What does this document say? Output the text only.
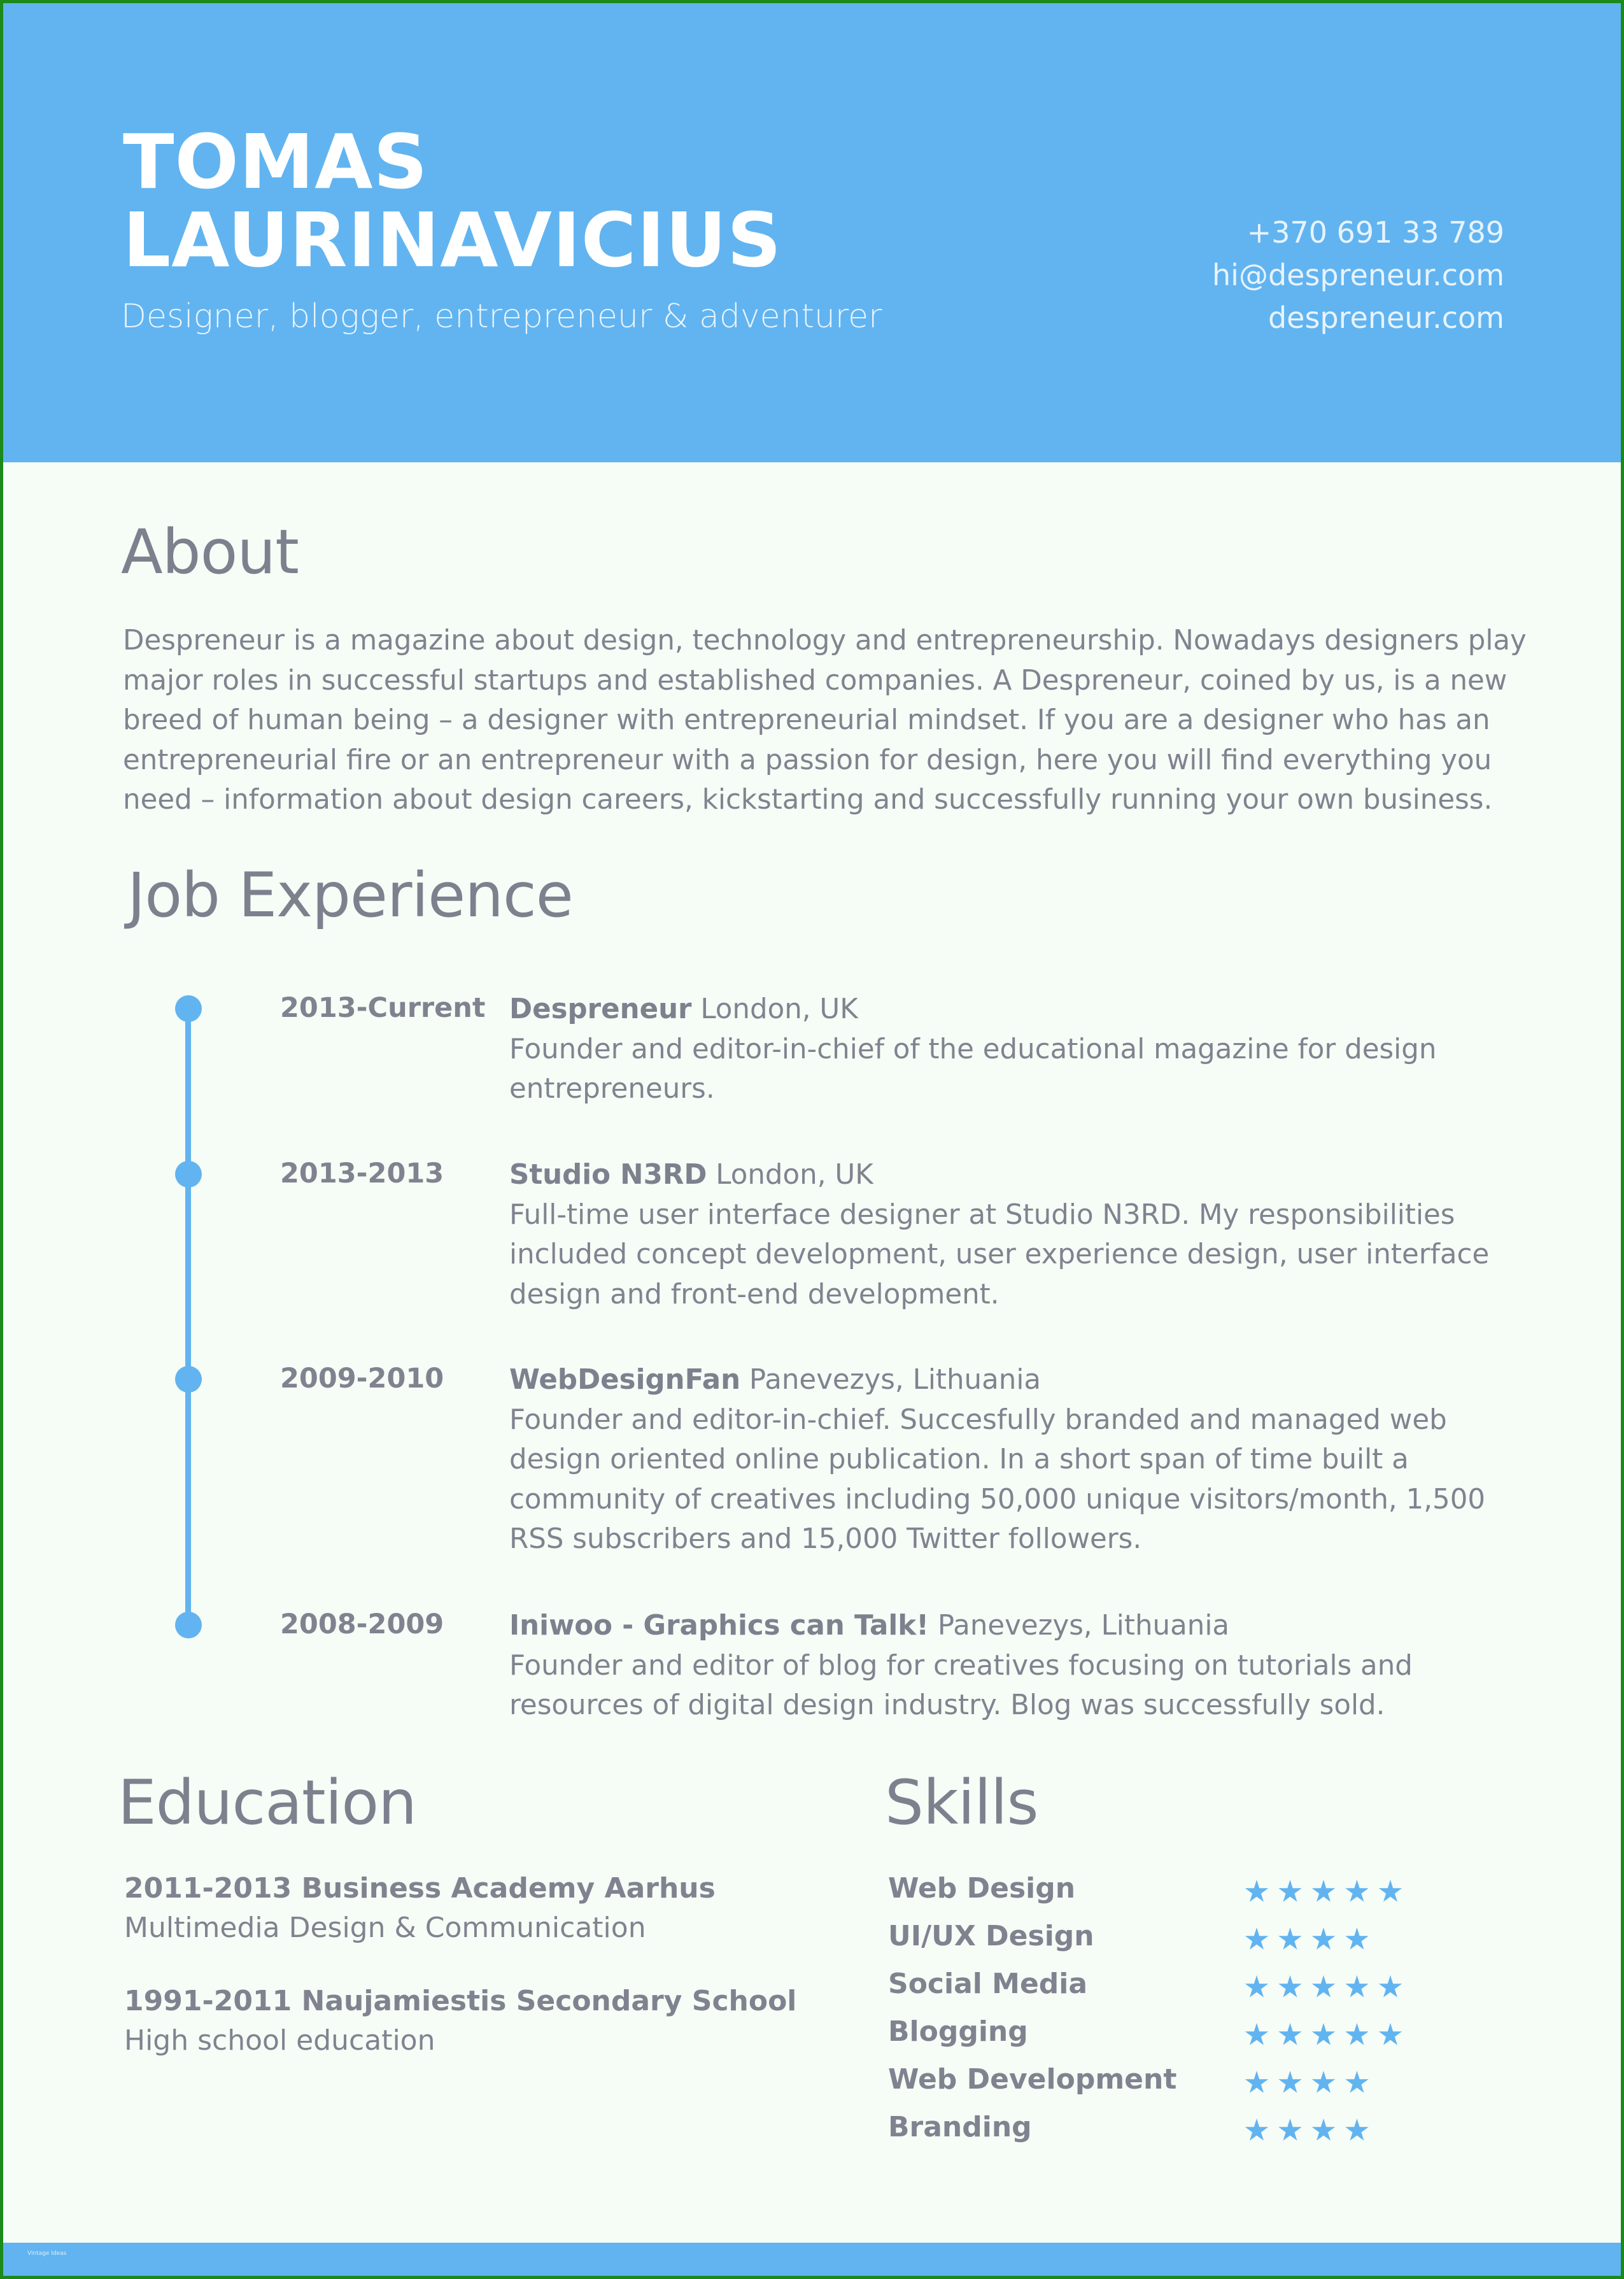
TOMAS
LAURINAVICIUS
Designer, blogger, entrepreneur & adventurer
+370 691 33 789
hi@despreneur.com
despreneur.com
About
Despreneur is a magazine about design, technology and entrepreneurship. Nowadays designers play major roles in successful startups and established companies. A Despreneur, coined by us, is a new breed of human being – a designer with entrepreneurial mindset. If you are a designer who has an entrepreneurial fire or an entrepreneur with a passion for design, here you will find everything you need – information about design careers, kickstarting and successfully running your own business.
Job Experience
2013-Current Despreneur London, UK
Founder and editor-in-chief of the educational magazine for design entrepreneurs.
2013-2013 Studio N3RD London, UK
Full-time user interface designer at Studio N3RD. My responsibilities included concept development, user experience design, user interface design and front-end development.
2009-2010 WebDesignFan Panevezys, Lithuania
Founder and editor-in-chief. Succesfully branded and managed web design oriented online publication. In a short span of time built a community of creatives including 50,000 unique visitors/month, 1,500 RSS subscribers and 15,000 Twitter followers.
2008-2009 Iniwoo - Graphics can Talk! Panevezys, Lithuania
Founder and editor of blog for creatives focusing on tutorials and resources of digital design industry. Blog was successfully sold.
Education
2011-2013 Business Academy Aarhus
Multimedia Design & Communication
1991-2011 Naujamiestis Secondary School
High school education
Skills
Web Design
UI/UX Design
Social Media
Blogging
Web Development
Branding
Vintage Ideas
